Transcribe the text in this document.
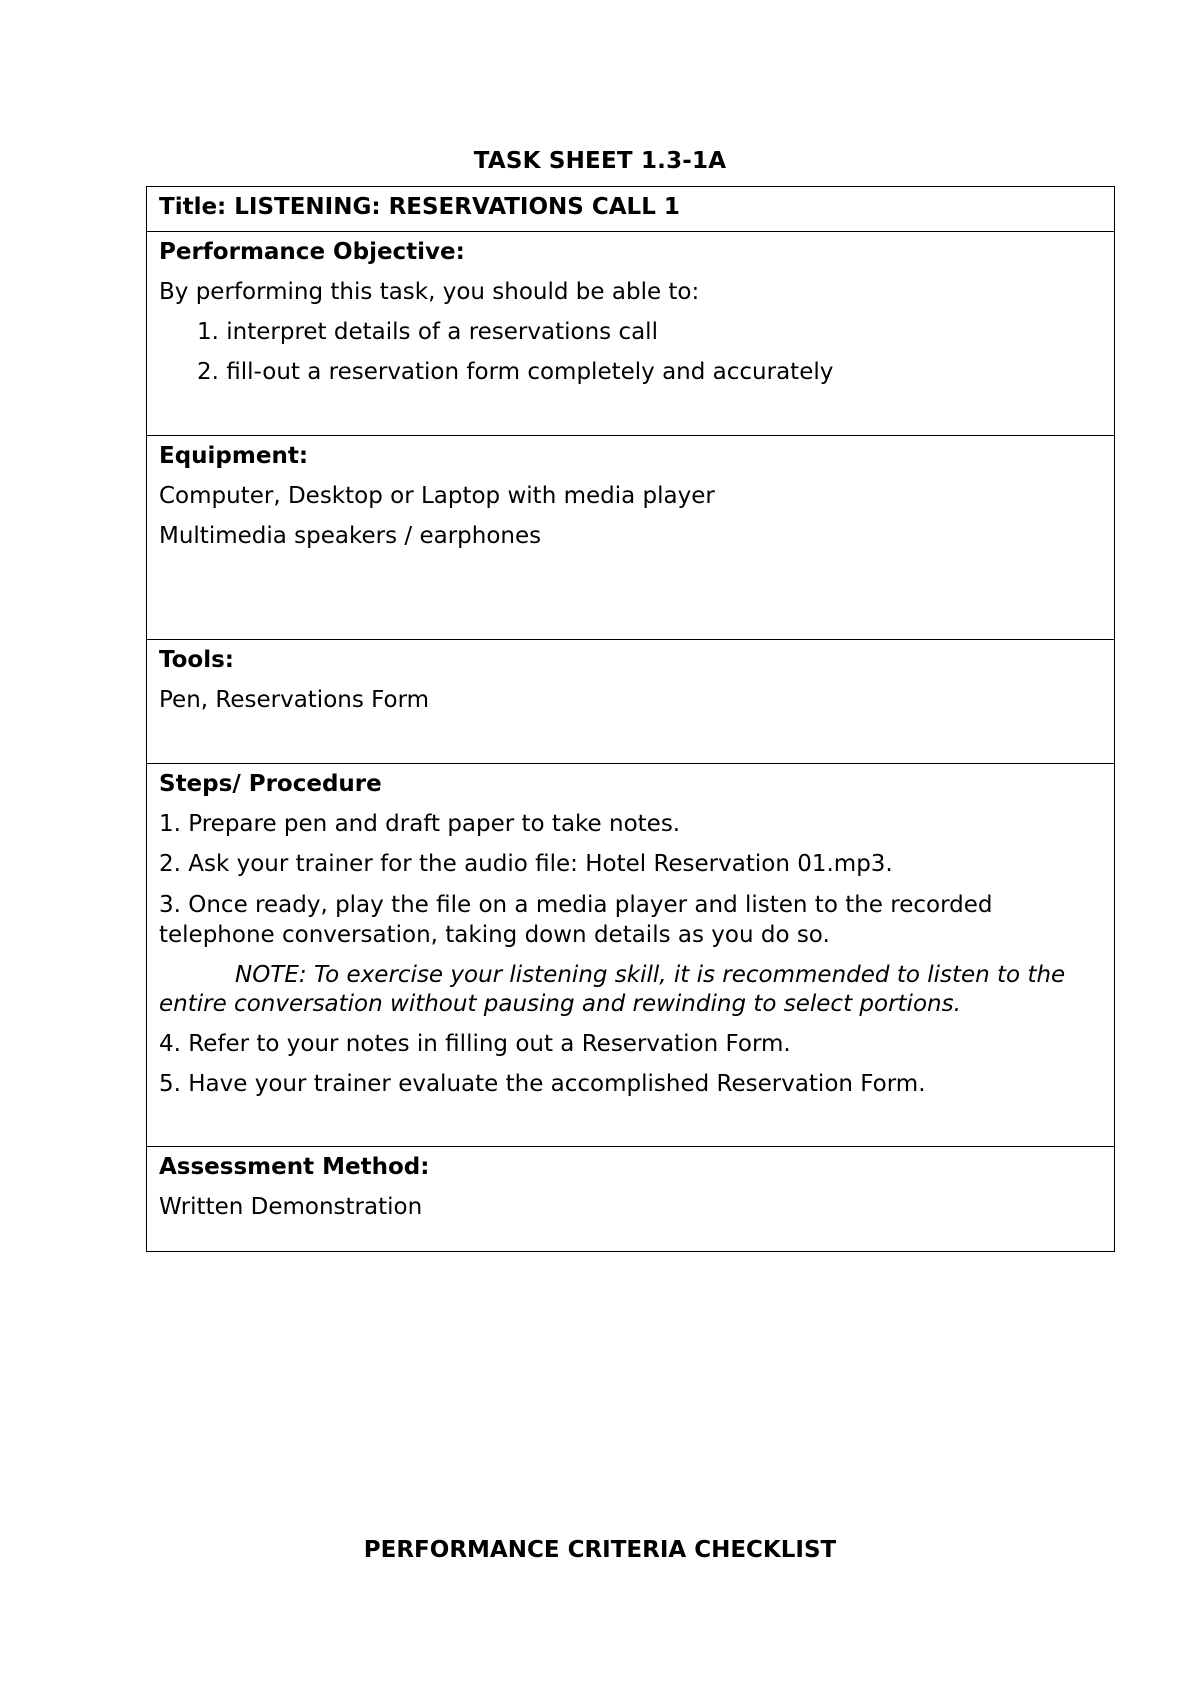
TASK SHEET 1.3-1A
Title: LISTENING: RESERVATIONS CALL 1

Performance Objective:
By performing this task, you should be able to:
1. interpret details of a reservations call
2. fill-out a reservation form completely and accurately

Equipment:
Computer, Desktop or Laptop with media player
Multimedia speakers / earphones

Tools:
Pen, Reservations Form

Steps/ Procedure
1. Prepare pen and draft paper to take notes.
2. Ask your trainer for the audio file: Hotel Reservation 01.mp3.
3. Once ready, play the file on a media player and listen to the recorded telephone conversation, taking down details as you do so.
NOTE: To exercise your listening skill, it is recommended to listen to the entire conversation without pausing and rewinding to select portions.
4. Refer to your notes in filling out a Reservation Form.
5. Have your trainer evaluate the accomplished Reservation Form.

Assessment Method:
Written Demonstration
PERFORMANCE CRITERIA CHECKLIST
